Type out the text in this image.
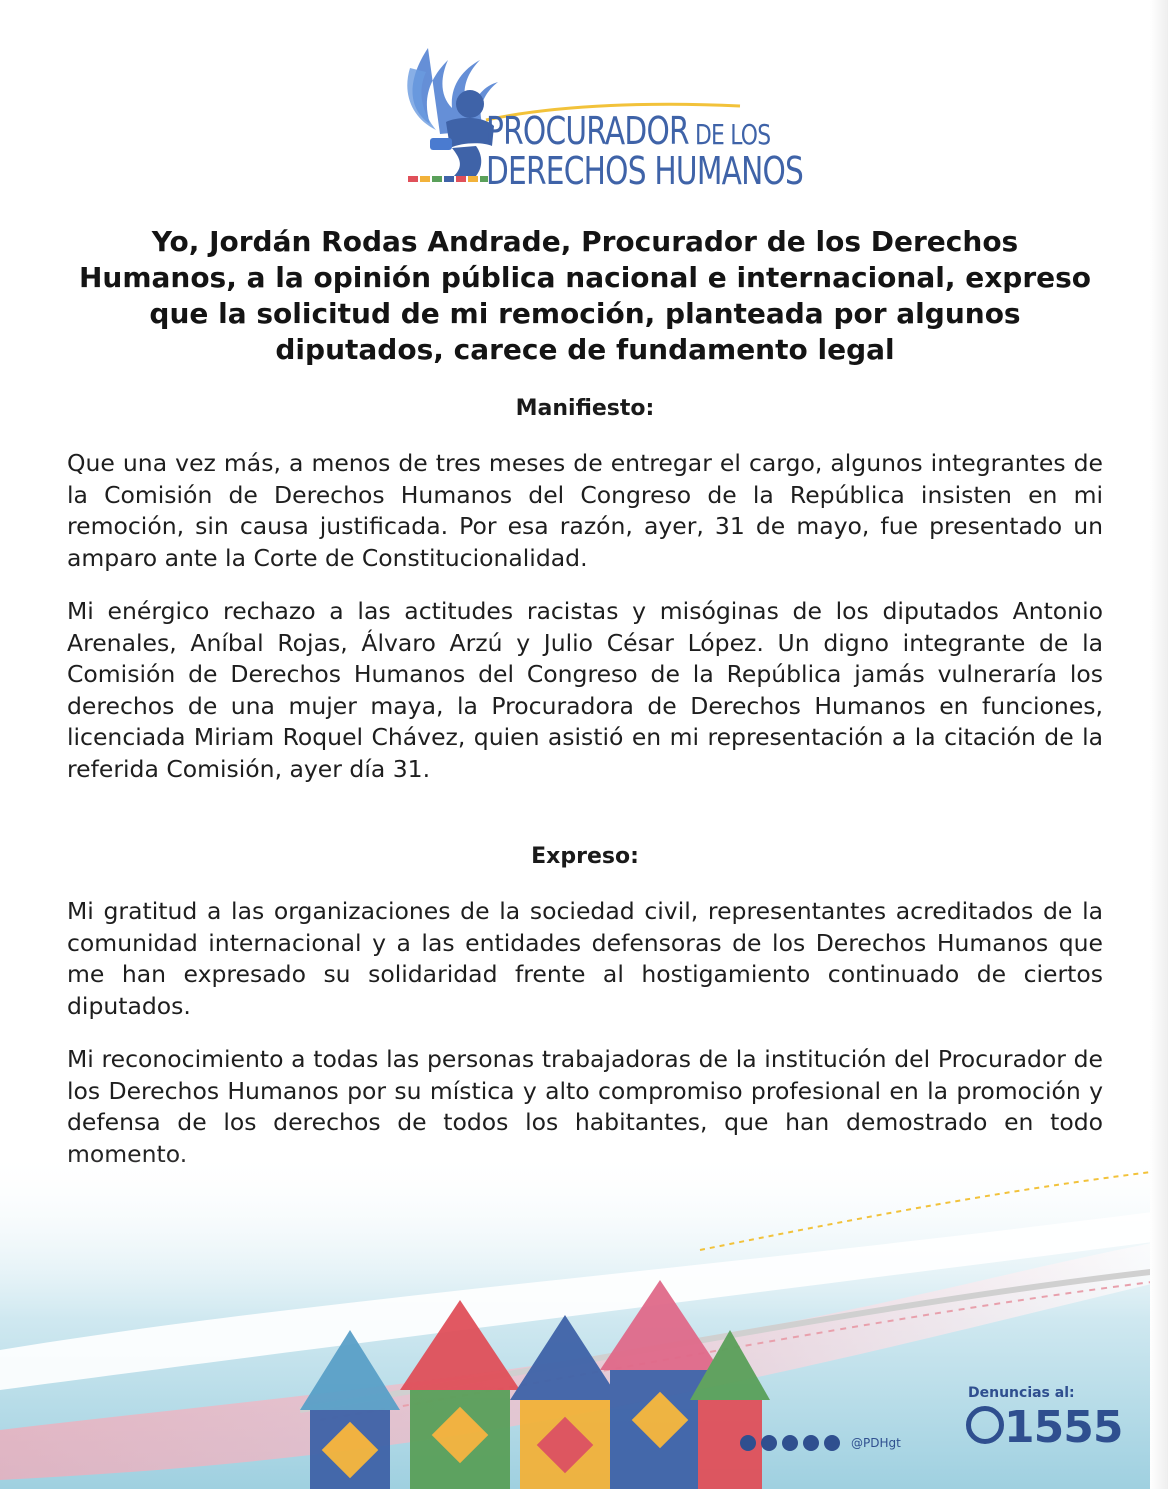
PROCURADOR DE LOS
DERECHOS HUMANOS
Yo, Jordán Rodas Andrade, Procurador de los Derechos Humanos, a la opinión pública nacional e internacional, expreso que la solicitud de mi remoción, planteada por algunos diputados, carece de fundamento legal
Manifiesto:
Que una vez más, a menos de tres meses de entregar el cargo, algunos integrantes de la Comisión de Derechos Humanos del Congreso de la República insisten en mi remoción, sin causa justificada. Por esa razón, ayer, 31 de mayo, fue presentado un amparo ante la Corte de Constitucionalidad.
Mi enérgico rechazo a las actitudes racistas y misóginas de los diputados Antonio Arenales, Aníbal Rojas, Álvaro Arzú y Julio César López. Un digno integrante de la Comisión de Derechos Humanos del Congreso de la República jamás vulneraría los derechos de una mujer maya, la Procuradora de Derechos Humanos en funciones, licenciada Miriam Roquel Chávez, quien asistió en mi representación a la citación de la referida Comisión, ayer día 31.
Expreso:
Mi gratitud a las organizaciones de la sociedad civil, representantes acreditados de la comunidad internacional y a las entidades defensoras de los Derechos Humanos que me han expresado su solidaridad frente al hostigamiento continuado de ciertos diputados.
Mi reconocimiento a todas las personas trabajadoras de la institución del Procurador de los Derechos Humanos por su mística y alto compromiso profesional en la promoción y defensa de los derechos de todos los habitantes, que han demostrado en todo
@PDHgt
Denuncias al:
1555
